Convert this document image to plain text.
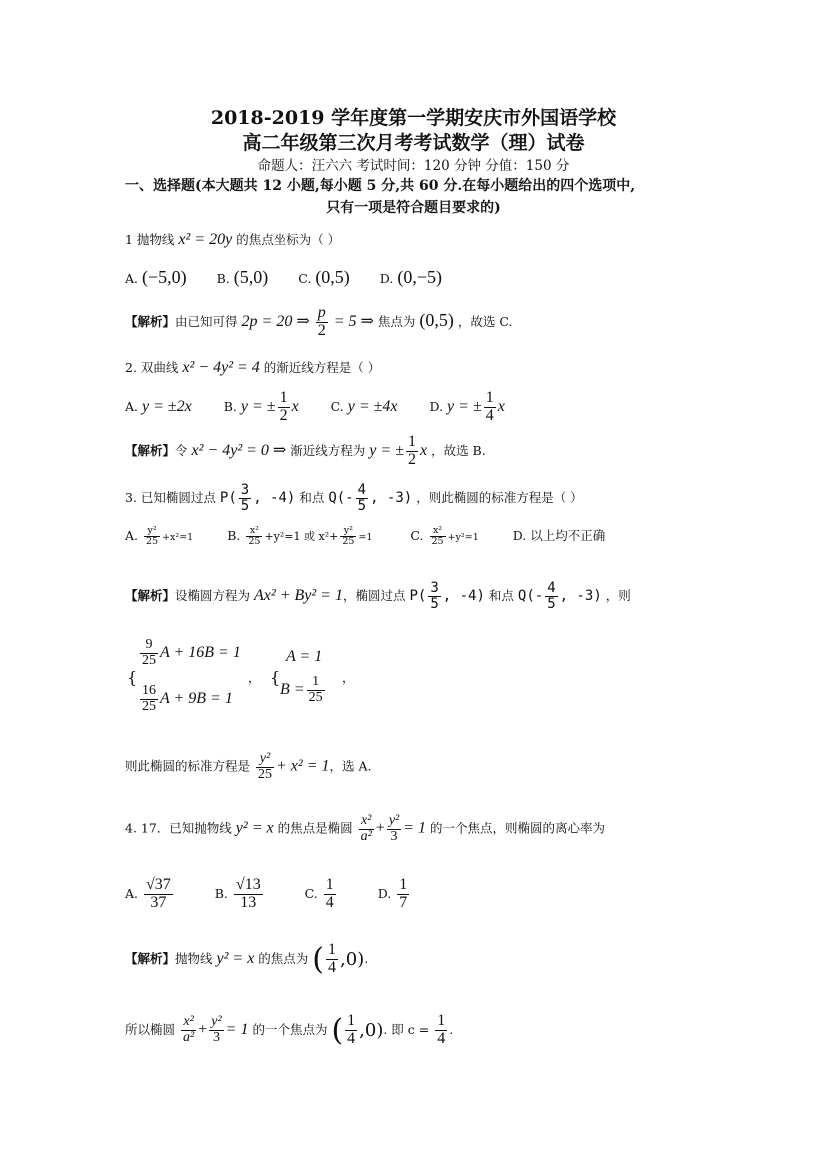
2018-2019 学年度第一学期安庆市外国语学校
高二年级第三次月考考试数学（理）试卷
命题人：汪六六 考试时间：120 分钟 分值：150 分
一、选择题(本大题共 12 小题,每小题 5 分,共 60 分.在每小题给出的四个选项中,
只有一项是符合题目要求的)
1 抛物线 x² = 20y 的焦点坐标为（ ）
A. (−5,0) B. (5,0) C. (0,5) D. (0,−5)
【解析】由已知可得 2p = 20 ⇒ $\frac{p}{2} = 5$ ⇒ 焦点为 (0,5) ，故选 C.
2. 双曲线 x² − 4y² = 4 的渐近线方程是（ ）
A. y = ±2x	B. y = ± $\frac{1}{2}$ x	C. y = ±4x	D. y = ± $\frac{1}{4}$ x
【解析】令 x² − 4y² = 0 ⇒ 渐近线方程为 y = ± $\frac{1}{2}$ x ，故选 B.
3. 已知椭圆过点 $P( \frac{3}{5}$ , -4) 和点 $Q(- \frac{4}{5}$ , -3) ，则此椭圆的标准方程是（ ）
A. $\frac{\text{y²}}{25} +x^2=1$	B. $\frac{\text{x²}}{25} +y^2=1$ 或 $x^2+ \frac{\text{y²}}{25} =1$	C. $\frac{\text{x²}}{25} +y^2=1$	D. 以上均不正确
【解析】设椭圆方程为 Ax² + By² = 1，椭圆过点 $P( \frac{3}{5}$ , -4) 和点 $Q(- \frac{4}{5}$ , -3) ，则
{
$\frac{9}{25}$ A + 16B = 1
$\frac{16}{25}$ A + 9B = 1
， {
A = 1
$B = \frac{1}{25}$ ，
则此椭圆的标准方程是 $\frac{\text{y²}}{25} + x^2 = 1$，选 A.
4. 17．已知抛物线 y² = x 的焦点是椭圆 $\frac{\text{x²}}{\text{a²}} + \frac{\text{y²}}{3} = 1$ 的一个焦点，则椭圆的离心率为
A. $\frac{√37}{37}$	B. $\frac{√13}{13}$	C. $\frac{1}{4}$	D. $\frac{1}{7}$
【解析】抛物线 y² = x 的焦点为 ( $\frac{1}{4} ,0$).
所以椭圆 $\frac{\text{x²}}{\text{a²}} + \frac{\text{y²}}{3} = 1$ 的一个焦点为 ( $\frac{1}{4} ,0$). 即 $c = \frac{1}{4}$ .
